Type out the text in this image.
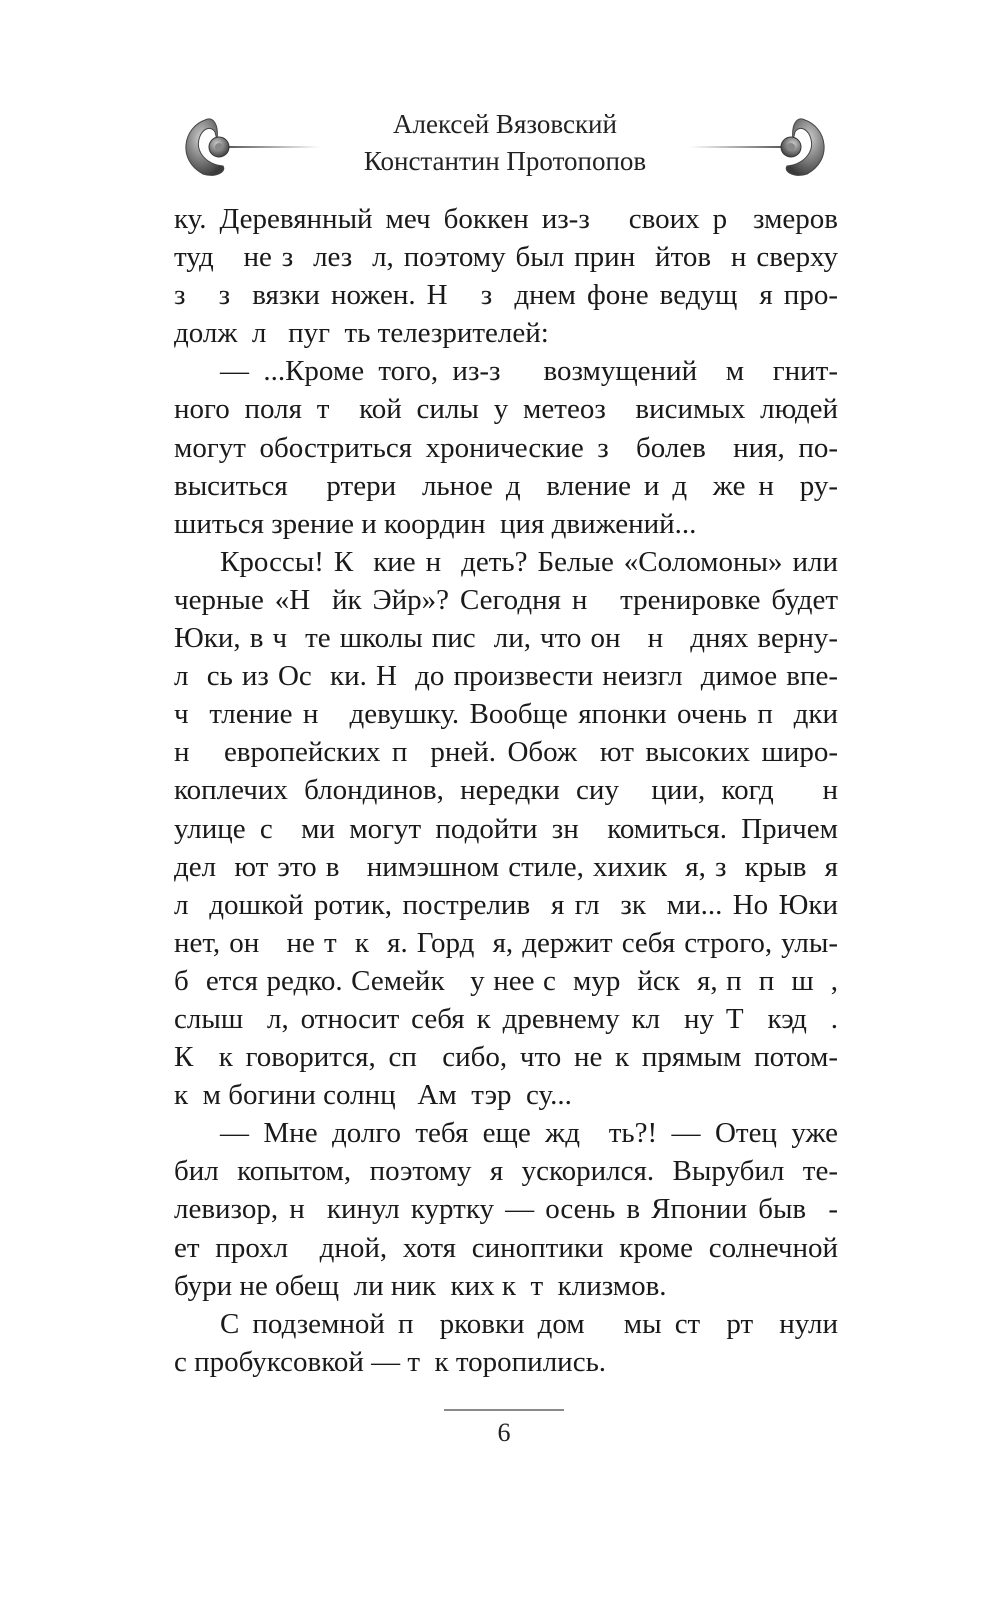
Алексей Вязовский
Константин Протопопов
ку. Деревянный меч боккен из-з   своих р  змеров
туд   не з  лез  л, поэтому был прин  йтов  н сверху
з   з  вязки ножен. Н   з  днем фоне ведущ  я про-
долж  л   пуг  ть телезрителей:
— ...Кроме того, из-з   возмущений  м  гнит-
ного поля т  кой силы у метеоз  висимых людей
могут обостриться хронические з  болев  ния, по-
выситься   ртери  льное д  вление и д  же н  ру-
шиться зрение и координ  ция движений...
Кроссы! К  кие н  деть? Белые «Соломоны» или
черные «Н  йк Эйр»? Сегодня н   тренировке будет
Юки, в ч  те школы пис  ли, что он   н   днях верну-
л  сь из Ос  ки. Н  до произвести неизгл  димое впе-
ч  тление н   девушку. Вообще японки очень п  дки
н   европейских п  рней. Обож  ют высоких широ-
коплечих блондинов, нередки сиу  ции, когд   н
улице с  ми могут подойти зн  комиться. Причем
дел  ют это в   нимэшном стиле, хихик  я, з  крыв  я
л  дошкой ротик, пострелив  я гл  зк  ми... Но Юки
нет, он   не т  к  я. Горд  я, держит себя строго, улы-
б  ется редко. Семейк   у нее с  мур  йск  я, п  п  ш  ,
слыш  л, относит себя к древнему кл  ну Т  кэд  .
К  к говорится, сп  сибо, что не к прямым потом-
к  м богини солнц   Ам  тэр  су...
— Мне долго тебя еще жд  ть?! — Отец уже
бил копытом, поэтому я ускорился. Вырубил те-
левизор, н  кинул куртку — осень в Японии быв  -
ет прохл  дной, хотя синоптики кроме солнечной
бури не обещ  ли ник  ких к  т  клизмов.
С подземной п  рковки дом   мы ст  рт  нули
с пробуксовкой — т  к торопились.
6
